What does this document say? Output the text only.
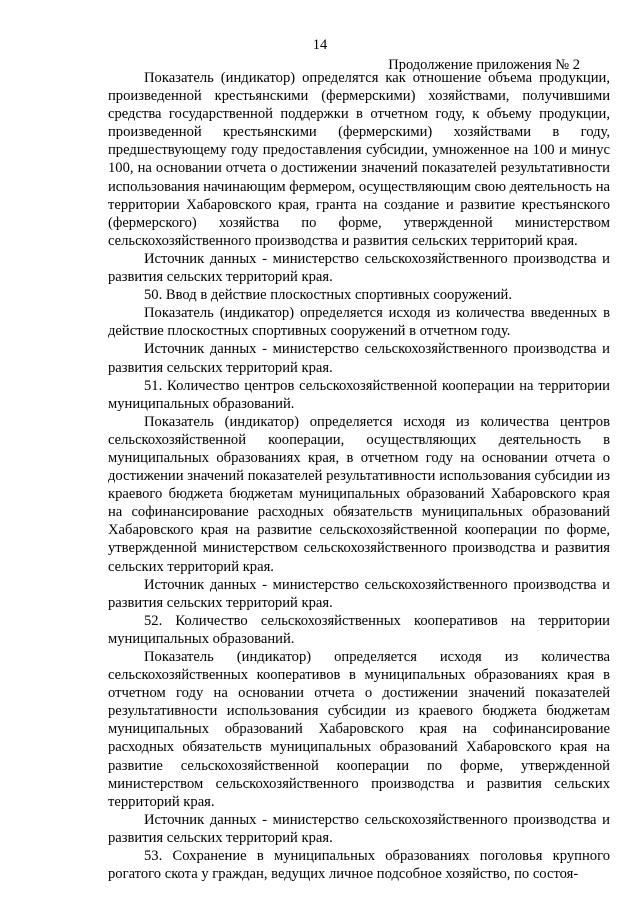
14
Продолжение приложения № 2

Показатель (индикатор) определятся как отношение объема продукции, произведенной крестьянскими (фермерскими) хозяйствами, получившими средства государственной поддержки в отчетном году, к объему продукции, произведенной крестьянскими (фермерскими) хозяйствами в году, предшествующему году предоставления субсидии, умноженное на 100 и минус 100, на основании отчета о достижении значений показателей результативности использования начинающим фермером, осуществляющим свою деятельность на территории Хабаровского края, гранта на создание и развитие крестьянского (фермерского) хозяйства по форме, утвержденной министерством сельскохозяйственного производства и развития сельских территорий края.

Источник данных - министерство сельскохозяйственного производства и развития сельских территорий края.

50. Ввод в действие плоскостных спортивных сооружений.

Показатель (индикатор) определяется исходя из количества введенных в действие плоскостных спортивных сооружений в отчетном году.

Источник данных - министерство сельскохозяйственного производства и развития сельских территорий края.

51. Количество центров сельскохозяйственной кооперации на территории муниципальных образований.

Показатель (индикатор) определяется исходя из количества центров сельскохозяйственной кооперации, осуществляющих деятельность в муниципальных образованиях края, в отчетном году на основании отчета о достижении значений показателей результативности использования субсидии из краевого бюджета бюджетам муниципальных образований Хабаровского края на софинансирование расходных обязательств муниципальных образований Хабаровского края на развитие сельскохозяйственной кооперации по форме, утвержденной министерством сельскохозяйственного производства и развития сельских территорий края.

Источник данных - министерство сельскохозяйственного производства и развития сельских территорий края.

52. Количество сельскохозяйственных кооперативов на территории муниципальных образований.

Показатель (индикатор) определяется исходя из количества сельскохозяйственных кооперативов в муниципальных образованиях края в отчетном году на основании отчета о достижении значений показателей результативности использования субсидии из краевого бюджета бюджетам муниципальных образований Хабаровского края на софинансирование расходных обязательств муниципальных образований Хабаровского края на развитие сельскохозяйственной кооперации по форме, утвержденной министерством сельскохозяйственного производства и развития сельских территорий края.

Источник данных - министерство сельскохозяйственного производства и развития сельских территорий края.

53. Сохранение в муниципальных образованиях поголовья крупного рогатого скота у граждан, ведущих личное подсобное хозяйство, по состоя-
